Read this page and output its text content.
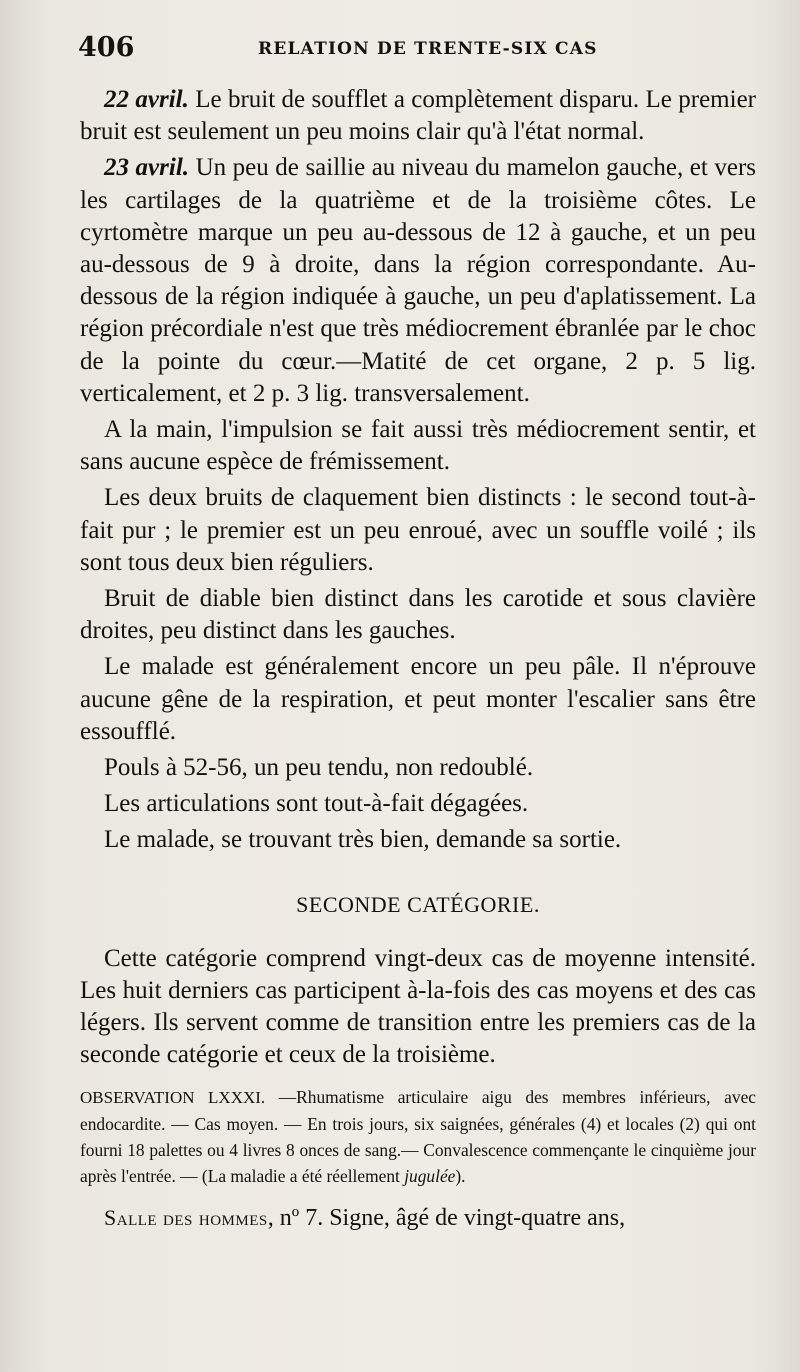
406	RELATION DE TRENTE-SIX CAS

22 avril. Le bruit de soufflet a complètement disparu. Le premier bruit est seulement un peu moins clair qu'à l'état normal.

23 avril. Un peu de saillie au niveau du mamelon gauche, et vers les cartilages de la quatrième et de la troisième côtes. Le cyrtomètre marque un peu au-dessous de 12 à gauche, et un peu au-dessous de 9 à droite, dans la région correspondante. Au-dessous de la région indiquée à gauche, un peu d'aplatissement. La région précordiale n'est que très médiocrement ébranlée par le choc de la pointe du cœur.—Matité de cet organe, 2 p. 5 lig. verticalement, et 2 p. 3 lig. transversalement.

A la main, l'impulsion se fait aussi très médiocrement sentir, et sans aucune espèce de frémissement.

Les deux bruits de claquement bien distincts : le second tout-à-fait pur ; le premier est un peu enroué, avec un souffle voilé ; ils sont tous deux bien réguliers.

Bruit de diable bien distinct dans les carotide et sous clavière droites, peu distinct dans les gauches.

Le malade est généralement encore un peu pâle. Il n'éprouve aucune gêne de la respiration, et peut monter l'escalier sans être essoufflé.

Pouls à 52-56, un peu tendu, non redoublé.

Les articulations sont tout-à-fait dégagées.

Le malade, se trouvant très bien, demande sa sortie.

SECONDE CATÉGORIE.

Cette catégorie comprend vingt-deux cas de moyenne intensité. Les huit derniers cas participent à-la-fois des cas moyens et des cas légers. Ils servent comme de transition entre les premiers cas de la seconde catégorie et ceux de la troisième.

OBSERVATION LXXXI. —Rhumatisme articulaire aigu des membres inférieurs, avec endocardite. — Cas moyen. — En trois jours, six saignées, générales (4) et locales (2) qui ont fourni 18 palettes ou 4 livres 8 onces de sang.— Convalescence commençante le cinquième jour après l'entrée. — (La maladie a été réellement jugulée).

Salle des hommes, nº 7. Signe, âgé de vingt-quatre ans,
